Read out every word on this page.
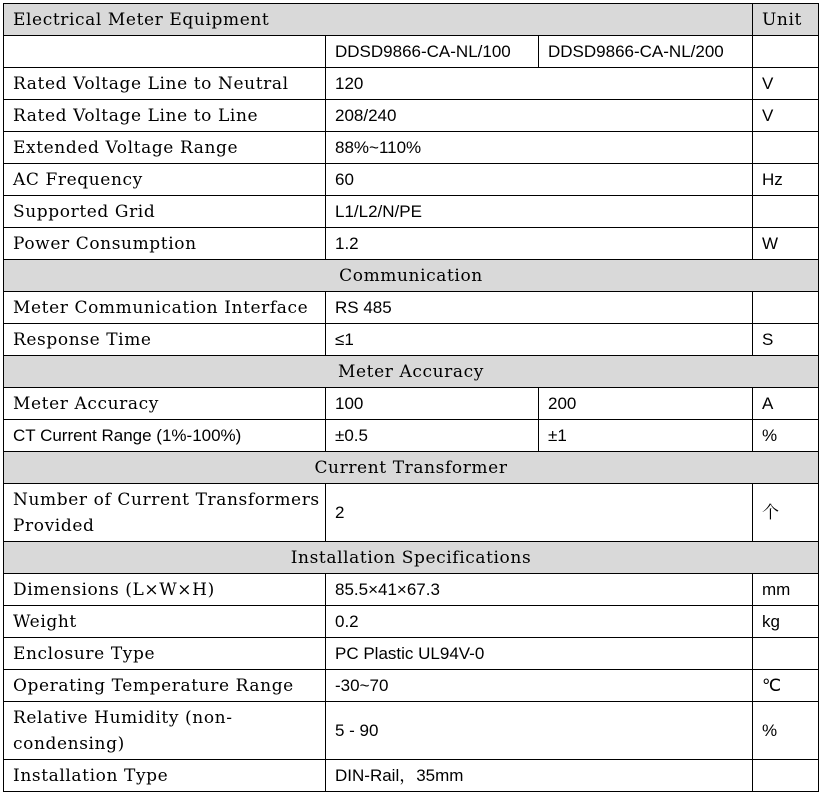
Electrical Meter Equipment			Unit
	DDSD9866-CA-NL/100	DDSD9866-CA-NL/200	
Rated Voltage Line to Neutral	120		V
Rated Voltage Line to Line	208/240		V
Extended Voltage Range	88%~110%		
AC Frequency	60		Hz
Supported Grid	L1/L2/N/PE		
Power Consumption	1.2		W
Communication			
Meter Communication Interface	RS 485		
Response Time	≤1		S
Meter Accuracy			
Meter Accuracy	100	200	A
CT Current Range (1%-100%)	±0.5	±1	%
Current Transformer			
Number of Current Transformers Provided	2		个
Installation Specifications			
Dimensions (L×W×H)	85.5×41×67.3		mm
Weight	0.2		kg
Enclosure Type	PC Plastic UL94V-0		
Operating Temperature Range	-30~70		℃
Relative Humidity (non-condensing)	5 - 90		%
Installation Type	DIN-Rail，35mm		
